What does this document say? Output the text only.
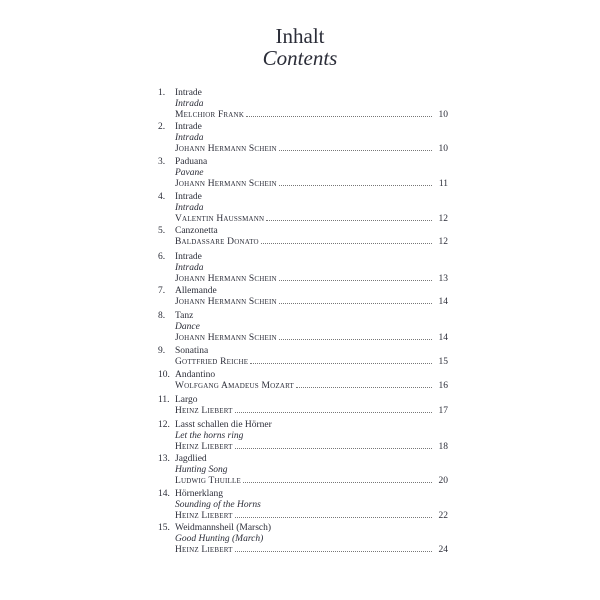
Inhalt
Contents
1.	Intrade
Intrada
Melchior Frank	10
2.	Intrade
Intrada
Johann Hermann Schein	10
3.	Paduana
Pavane
Johann Hermann Schein	11
4.	Intrade
Intrada
Valentin Haussmann	12
5.	Canzonetta
Baldassare Donato	12
6.	Intrade
Intrada
Johann Hermann Schein	13
7.	Allemande
Johann Hermann Schein	14
8.	Tanz
Dance
Johann Hermann Schein	14
9.	Sonatina
Gottfried Reiche	15
10. Andantino
Wolfgang Amadeus Mozart	16
11. Largo
Heinz Liebert	17
12. Lasst schallen die Hörner
Let the horns ring
Heinz Liebert	18
13. Jagdlied
Hunting Song
Ludwig Thuille	20
14. Hörnerklang
Sounding of the Horns
Heinz Liebert	22
15. Weidmannsheil (Marsch)
Good Hunting (March)
Heinz Liebert	24
